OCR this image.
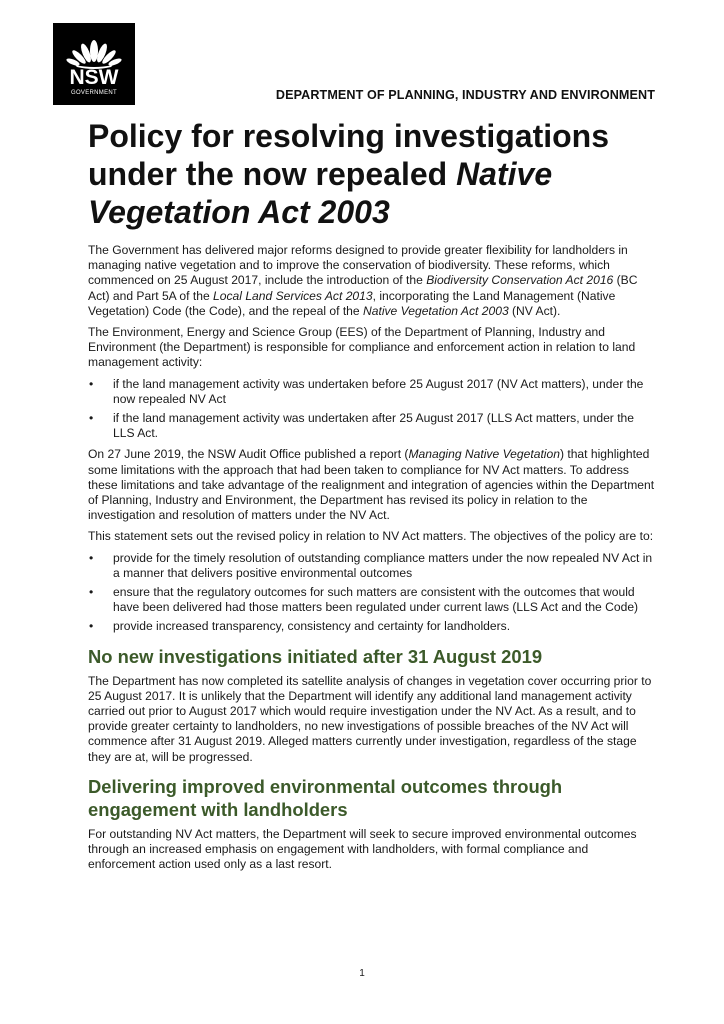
NSW
GOVERNMENT	DEPARTMENT OF PLANNING, INDUSTRY AND ENVIRONMENT
Policy for resolving investigations under the now repealed Native Vegetation Act 2003

The Government has delivered major reforms designed to provide greater flexibility for landholders in managing native vegetation and to improve the conservation of biodiversity. These reforms, which commenced on 25 August 2017, include the introduction of the Biodiversity Conservation Act 2016 (BC Act) and Part 5A of the Local Land Services Act 2013, incorporating the Land Management (Native Vegetation) Code (the Code), and the repeal of the Native Vegetation Act 2003 (NV Act).

The Environment, Energy and Science Group (EES) of the Department of Planning, Industry and Environment (the Department) is responsible for compliance and enforcement action in relation to land management activity:

• if the land management activity was undertaken before 25 August 2017 (NV Act matters), under the now repealed NV Act
• if the land management activity was undertaken after 25 August 2017 (LLS Act matters, under the LLS Act.

On 27 June 2019, the NSW Audit Office published a report (Managing Native Vegetation) that highlighted some limitations with the approach that had been taken to compliance for NV Act matters. To address these limitations and take advantage of the realignment and integration of agencies within the Department of Planning, Industry and Environment, the Department has revised its policy in relation to the investigation and resolution of matters under the NV Act.

This statement sets out the revised policy in relation to NV Act matters. The objectives of the policy are to:

• provide for the timely resolution of outstanding compliance matters under the now repealed NV Act in a manner that delivers positive environmental outcomes
• ensure that the regulatory outcomes for such matters are consistent with the outcomes that would have been delivered had those matters been regulated under current laws (LLS Act and the Code)
• provide increased transparency, consistency and certainty for landholders.
No new investigations initiated after 31 August 2019

The Department has now completed its satellite analysis of changes in vegetation cover occurring prior to 25 August 2017. It is unlikely that the Department will identify any additional land management activity carried out prior to August 2017 which would require investigation under the NV Act. As a result, and to provide greater certainty to landholders, no new investigations of possible breaches of the NV Act will commence after 31 August 2019. Alleged matters currently under investigation, regardless of the stage they are at, will be progressed.

Delivering improved environmental outcomes through engagement with landholders

For outstanding NV Act matters, the Department will seek to secure improved environmental outcomes through an increased emphasis on engagement with landholders, with formal compliance and enforcement action used only as a last resort.

1
